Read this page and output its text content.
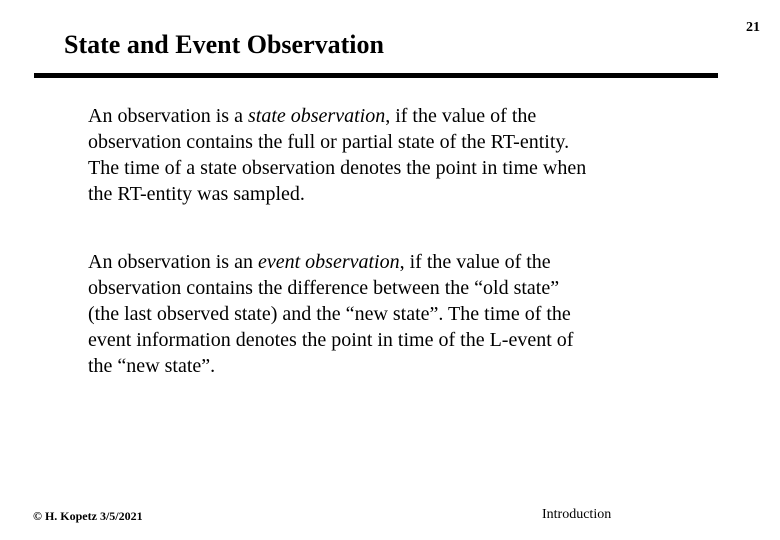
21
State and Event Observation

An observation is a state observation, if the value of the
observation contains the full or partial state of the RT-entity.
The time of a state observation denotes the point in time when
the RT-entity was sampled.

An observation is an event observation, if the value of the
observation contains the difference between the “old state”
(the last observed state) and the “new state”. The time of the
event information denotes the point in time of the L-event of
the “new state”.

© H. Kopetz 3/5/2021	Introduction
